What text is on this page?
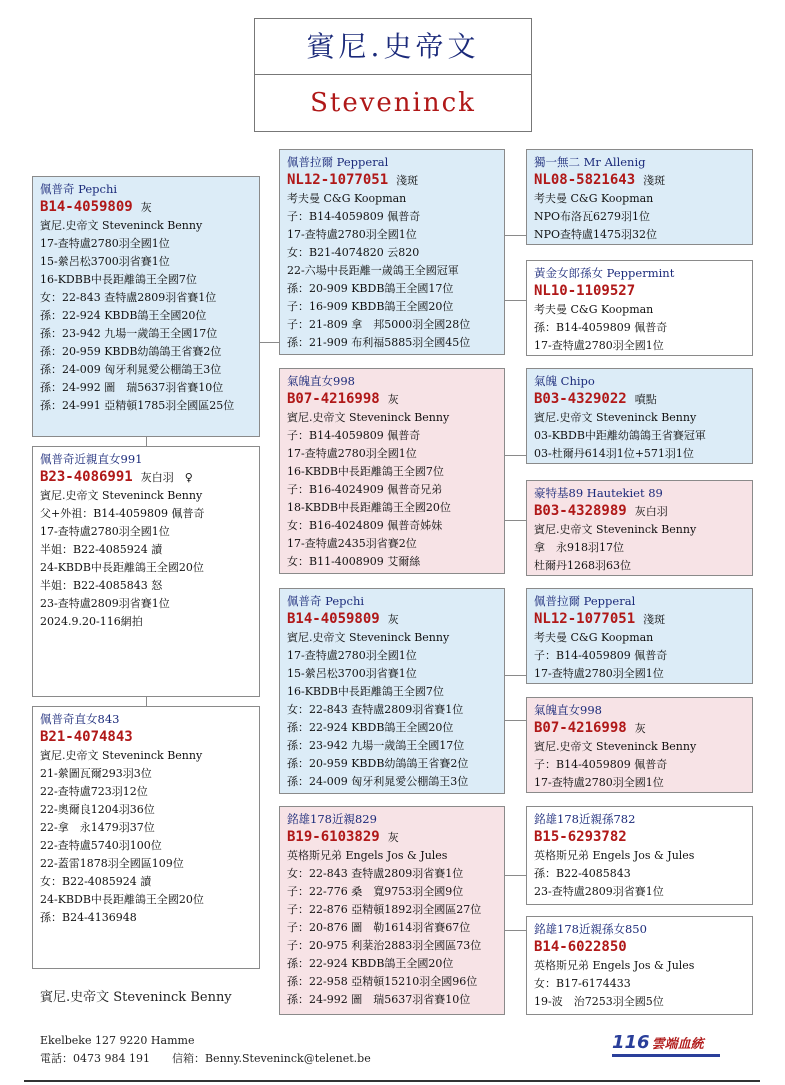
賓尼.史帝文
Steveninck
佩普奇 Pepchi
B14-4059809 灰
賓尼.史帝文 Steveninck Benny
17-查特盧2780羽全國1位
15-縈呂松3700羽省賽1位
16-KDBB中長距離鴿王全國7位
女：22-843 查特盧2809羽省賽1位
孫：22-924 KBDB鴿王全國20位
孫：23-942 九場一歲鴿王全國17位
孫：20-959 KBDB幼鴿鴿王省賽2位
孫：24-009 匈牙利晁愛公棚鴿王3位
孫：24-992 圖　瑞5637羽省賽10位
孫：24-991 亞精頓1785羽全國區25位
佩普奇近親直女991
B23-4086991 灰白羽　♀
賓尼.史帝文 Steveninck Benny
父+外祖：B14-4059809 佩普奇
17-查特盧2780羽全國1位
半姐：B22-4085924 讀
24-KBDB中長距離鴿王全國20位
半姐：B22-4085843 怒
23-查特盧2809羽省賽1位
2024.9.20-116網拍
佩普奇直女843
B21-4074843
賓尼.史帝文 Steveninck Benny
21-縈圖瓦爾293羽3位
22-查特盧723羽12位
22-奧爾良1204羽36位
22-拿　永1479羽37位
22-查特盧5740羽100位
22-蓋雷1878羽全國區109位
女：B22-4085924 讀
24-KBDB中長距離鴿王全國20位
孫：B24-4136948
佩普拉爾 Pepperal
NL12-1077051 淺斑
考夫曼 C&G Koopman
子：B14-4059809 佩普奇
17-查特盧2780羽全國1位
女：B21-4074820 云820
22-六場中長距離一歲鴿王全國冠軍
孫：20-909 KBDB鴿王全國17位
子：16-909 KBDB鴿王全國20位
子：21-809 拿　邦5000羽全國28位
孫：21-909 布利福5885羽全國45位
氣魄直女998
B07-4216998 灰
賓尼.史帝文 Steveninck Benny
子：B14-4059809 佩普奇
17-查特盧2780羽全國1位
16-KBDB中長距離鴿王全國7位
子：B16-4024909 佩普奇兄弟
18-KBDB中長距離鴿王全國20位
女：B16-4024809 佩普奇姊妹
17-查特盧2435羽省賽2位
女：B11-4008909 艾爾絲
佩普奇 Pepchi
B14-4059809 灰
賓尼.史帝文 Steveninck Benny
17-查特盧2780羽全國1位
15-縈呂松3700羽省賽1位
16-KBDB中長距離鴿王全國7位
女：22-843 查特盧2809羽省賽1位
孫：22-924 KBDB鴿王全國20位
孫：23-942 九場一歲鴿王全國17位
孫：20-959 KBDB幼鴿鴿王省賽2位
孫：24-009 匈牙利晁愛公棚鴿王3位
銘雄178近親829
B19-6103829 灰
英格斯兄弟 Engels Jos & Jules
女：22-843 查特盧2809羽省賽1位
子：22-776 桑　寬9753羽全國9位
子：22-876 亞精頓1892羽全國區27位
子：20-876 圖　勒1614羽省賽67位
子：20-975 利棻治2883羽全國區73位
孫：22-924 KBDB鴿王全國20位
孫：22-958 亞精頓15210羽全國96位
孫：24-992 圖　瑞5637羽省賽10位
獨一無二 Mr Allenig
NL08-5821643 淺斑
考夫曼 C&G Koopman
NPO布洛瓦6279羽1位
NPO查特盧1475羽32位
黃金女郎孫女 Peppermint
NL10-1109527
考夫曼 C&G Koopman
孫：B14-4059809 佩普奇
17-查特盧2780羽全國1位
氣魄 Chipo
B03-4329022 噴點
賓尼.史帝文 Steveninck Benny
03-KBDB中距離幼鴿鴿王省賽冠軍
03-杜爾丹614羽1位+571羽1位
豪特基89 Hautekiet 89
B03-4328989 灰白羽
賓尼.史帝文 Steveninck Benny
拿　永918羽17位
杜爾丹1268羽63位
佩普拉爾 Pepperal
NL12-1077051 淺斑
考夫曼 C&G Koopman
子：B14-4059809 佩普奇
17-查特盧2780羽全國1位
氣魄直女998
B07-4216998 灰
賓尼.史帝文 Steveninck Benny
子：B14-4059809 佩普奇
17-查特盧2780羽全國1位
銘雄178近親孫782
B15-6293782
英格斯兄弟 Engels Jos & Jules
孫：B22-4085843
23-查特盧2809羽省賽1位
銘雄178近親孫女850
B14-6022850
英格斯兄弟 Engels Jos & Jules
女：B17-6174433
19-波　治7253羽全國5位
賓尼.史帝文 Steveninck Benny
Ekelbeke 127 9220 Hamme
電話：0473 984 191　　信箱：Benny.Steveninck@telenet.be
116 雲端血統
